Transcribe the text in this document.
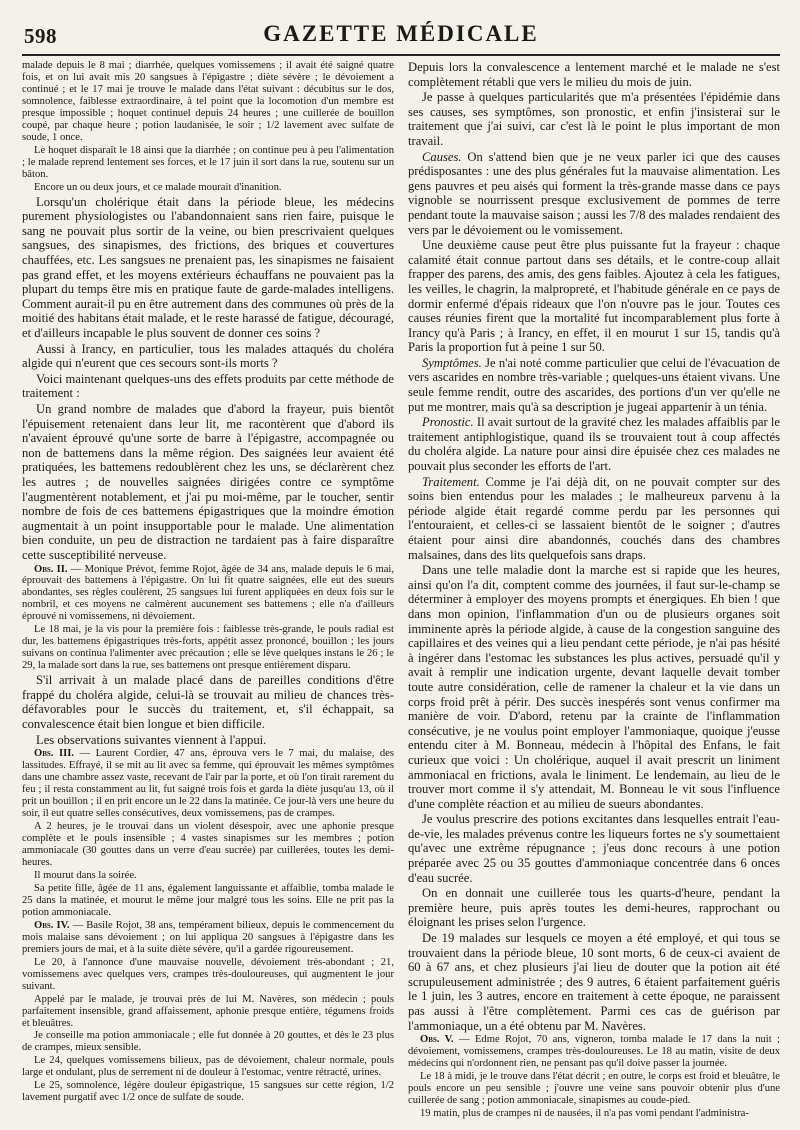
598	GAZETTE MÉDICALE

malade depuis le 8 mai ; diarrhée, quelques vomissemens ; il avait été saigné quatre fois, et on lui avait mis 20 sangsues à l'épigastre ; diète sévère ; le dévoiement a continué ; et le 17 mai je trouve le malade dans l'état suivant : décubitus sur le dos, somnolence, faiblesse extraordinaire, à tel point que la locomotion d'un membre est presque impossible ; hoquet continuel depuis 24 heures ; une cuillerée de bouillon coupé, par chaque heure ; potion laudanisée, le soir ; 1/2 lavement avec sulfate de soude, 1 once.

Le hoquet disparaît le 18 ainsi que la diarrhée ; on continue peu à peu l'alimentation ; le malade reprend lentement ses forces, et le 17 juin il sort dans la rue, soutenu sur un bâton.

Encore un ou deux jours, et ce malade mourait d'inanition.

Lorsqu'un cholérique était dans la période bleue, les médecins purement physiologistes ou l'abandonnaient sans rien faire, puisque le sang ne pouvait plus sortir de la veine, ou bien prescrivaient quelques sangsues, des sinapismes, des frictions, des briques et couvertures chauffées, etc. Les sangsues ne prenaient pas, les sinapismes ne faisaient pas grand effet, et les moyens extérieurs échauffans ne pouvaient pas la plupart du temps être mis en pratique faute de garde-malades intelligens. Comment aurait-il pu en être autrement dans des communes où près de la moitié des habitans était malade, et le reste harassé de fatigue, découragé, et d'ailleurs incapable le plus souvent de donner ces soins ?

Aussi à Irancy, en particulier, tous les malades attaqués du choléra algide qui n'eurent que ces secours sont-ils morts ?

Voici maintenant quelques-uns des effets produits par cette méthode de traitement :

Un grand nombre de malades que d'abord la frayeur, puis bientôt l'épuisement retenaient dans leur lit, me racontèrent que d'abord ils n'avaient éprouvé qu'une sorte de barre à l'épigastre, accompagnée ou non de battemens dans la même région. Des saignées leur avaient été pratiquées, les battemens redoublèrent chez les uns, se déclarèrent chez les autres ; de nouvelles saignées dirigées contre ce symptôme l'augmentèrent notablement, et j'ai pu moi-même, par le toucher, sentir nombre de fois de ces battemens épigastriques que la moindre émotion augmentait à un point insupportable pour le malade. Une alimentation bien conduite, un peu de distraction ne tardaient pas à faire disparaître cette susceptibilité nerveuse.

Obs. II. — Monique Prévot, femme Rojot, âgée de 34 ans, malade depuis le 6 mai, éprouvait des battemens à l'épigastre. On lui fit quatre saignées, elle eut des sueurs abondantes, ses règles coulèrent, 25 sangsues lui furent appliquées en deux fois sur le nombril, et ces moyens ne calmèrent aucunement ses battemens ; elle n'a d'ailleurs éprouvé ni vomissemens, ni dévoiement.

Le 18 mai, je la vis pour la première fois : faiblesse très-grande, le pouls radial est dur, les battemens épigastriques très-forts, appétit assez prononcé, bouillon ; les jours suivans on continua l'alimenter avec précaution ; elle se lève quelques instans le 26 ; le 29, la malade sort dans la rue, ses battemens ont presque entièrement disparu.

S'il arrivait à un malade placé dans de pareilles conditions d'être frappé du choléra algide, celui-là se trouvait au milieu de chances très-défavorables pour le succès du traitement, et, s'il échappait, sa convalescence était bien longue et bien difficile.

Les observations suivantes viennent à l'appui.

Obs. III. — Laurent Cordier, 47 ans, éprouva vers le 7 mai, du malaise, des lassitudes. Effrayé, il se mit au lit avec sa femme, qui éprouvait les mêmes symptômes dans une chambre assez vaste, recevant de l'air par la porte, et où l'on tirait rarement du feu ; il resta constamment au lit, fut saigné trois fois et garda la diète jusqu'au 13, où il prit un bouillon ; il en prit encore un le 22 dans la matinée. Ce jour-là vers une heure du soir, il eut quatre selles consécutives, deux vomissemens, pas de crampes.

A 2 heures, je le trouvai dans un violent désespoir, avec une aphonie presque complète et le pouls insensible ; 4 vastes sinapismes sur les membres ; potion ammoniacale (30 gouttes dans un verre d'eau sucrée) par cuillerées, toutes les demi-heures.

Il mourut dans la soirée.

Sa petite fille, âgée de 11 ans, également languissante et affaiblie, tomba malade le 25 dans la matinée, et mourut le même jour malgré tous les soins. Elle ne prit pas la potion ammoniacale.

Obs. IV. — Basile Rojot, 38 ans, tempérament bilieux, depuis le commencement du mois malaise sans dévoiement ; on lui appliqua 20 sangsues à l'épigastre dans les premiers jours de mai, et à la suite diète sévère, qu'il a gardée rigoureusement.

Le 20, à l'annonce d'une mauvaise nouvelle, dévoiement très-abondant ; 21, vomissemens avec quelques vers, crampes très-douloureuses, qui augmentent le jour suivant.

Appelé par le malade, je trouvai près de lui M. Navères, son médecin ; pouls parfaitement insensible, grand affaissement, aphonie presque entière, tégumens froids et bleuâtres.

Je conseille ma potion ammoniacale ; elle fut donnée à 20 gouttes, et dès le 23 plus de crampes, mieux sensible.

Le 24, quelques vomissemens bilieux, pas de dévoiement, chaleur normale, pouls large et ondulant, plus de serrement ni de douleur à l'estomac, ventre rétracté, urines.

Le 25, somnolence, légère douleur épigastrique, 15 sangsues sur cette région, 1/2 lavement purgatif avec 1/2 once de sulfate de soude.

Depuis lors la convalescence a lentement marché et le malade ne s'est complètement rétabli que vers le milieu du mois de juin.

Je passe à quelques particularités que m'a présentées l'épidémie dans ses causes, ses symptômes, son pronostic, et enfin j'insisterai sur le traitement que j'ai suivi, car c'est là le point le plus important de mon travail.

Causes. On s'attend bien que je ne veux parler ici que des causes prédisposantes : une des plus générales fut la mauvaise alimentation. Les gens pauvres et peu aisés qui forment la très-grande masse dans ce pays vignoble se nourrissent presque exclusivement de pommes de terre pendant toute la mauvaise saison ; aussi les 7/8 des malades rendaient des vers par le dévoiement ou le vomissement.

Une deuxième cause peut être plus puissante fut la frayeur : chaque calamité était connue partout dans ses détails, et le contre-coup allait frapper des parens, des amis, des gens faibles. Ajoutez à cela les fatigues, les veilles, le chagrin, la malpropreté, et l'habitude générale en ce pays de dormir enfermé d'épais rideaux que l'on n'ouvre pas le jour. Toutes ces causes réunies firent que la mortalité fut incomparablement plus forte à Irancy qu'à Paris ; à Irancy, en effet, il en mourut 1 sur 15, tandis qu'à Paris la proportion fut à peine 1 sur 50.

Symptômes. Je n'ai noté comme particulier que celui de l'évacuation de vers ascarides en nombre très-variable ; quelques-uns étaient vivans. Une seule femme rendit, outre des ascarides, des portions d'un ver qu'elle ne put me montrer, mais qu'à sa description je jugeai appartenir à un ténia.

Pronostic. Il avait surtout de la gravité chez les malades affaiblis par le traitement antiphlogistique, quand ils se trouvaient tout à coup affectés du choléra algide. La nature pour ainsi dire épuisée chez ces malades ne pouvait plus seconder les efforts de l'art.

Traitement. Comme je l'ai déjà dit, on ne pouvait compter sur des soins bien entendus pour les malades ; le malheureux parvenu à la période algide était regardé comme perdu par les personnes qui l'entouraient, et celles-ci se lassaient bientôt de le soigner ; d'autres étaient pour ainsi dire abandonnés, couchés dans des chambres malsaines, dans des lits quelquefois sans draps.

Dans une telle maladie dont la marche est si rapide que les heures, ainsi qu'on l'a dit, comptent comme des journées, il faut sur-le-champ se déterminer à employer des moyens prompts et énergiques. Eh bien ! que dans mon opinion, l'inflammation d'un ou de plusieurs organes soit imminente après la période algide, à cause de la congestion sanguine des capillaires et des veines qui a lieu pendant cette période, je n'ai pas hésité à ingérer dans l'estomac les substances les plus actives, persuadé qu'il y avait à remplir une indication urgente, devant laquelle devait tomber toute autre considération, celle de ramener la chaleur et la vie dans un corps froid prêt à périr. Des succès inespérés sont venus confirmer ma manière de voir. D'abord, retenu par la crainte de l'inflammation consécutive, je ne voulus point employer l'ammoniaque, quoique j'eusse entendu citer à M. Bonneau, médecin à l'hôpital des Enfans, le fait curieux que voici : Un cholérique, auquel il avait prescrit un liniment ammoniacal en frictions, avala le liniment. Le lendemain, au lieu de le trouver mort comme il s'y attendait, M. Bonneau le vit sous l'influence d'une complète réaction et au milieu de sueurs abondantes.

Je voulus prescrire des potions excitantes dans lesquelles entrait l'eau-de-vie, les malades prévenus contre les liqueurs fortes ne s'y soumettaient qu'avec une extrême répugnance ; j'eus donc recours à une potion préparée avec 25 ou 35 gouttes d'ammoniaque concentrée dans 6 onces d'eau sucrée.

On en donnait une cuillerée tous les quarts-d'heure, pendant la première heure, puis après toutes les demi-heures, rapprochant ou éloignant les prises selon l'urgence.

De 19 malades sur lesquels ce moyen a été employé, et qui tous se trouvaient dans la période bleue, 10 sont morts, 6 de ceux-ci avaient de 60 à 67 ans, et chez plusieurs j'ai lieu de douter que la potion ait été scrupuleusement administrée ; des 9 autres, 6 étaient parfaitement guéris le 1 juin, les 3 autres, encore en traitement à cette époque, ne paraissent pas aussi à l'être complètement. Parmi ces cas de guérison par l'ammoniaque, un a été obtenu par M. Navères.

Obs. V. — Edme Rojot, 70 ans, vigneron, tomba malade le 17 dans la nuit ; dévoiement, vomissemens, crampes très-douloureuses. Le 18 au matin, visite de deux médecins qui n'ordonnent rien, ne pensant pas qu'il doive passer la journée.

Le 18 à midi, je le trouve dans l'état décrit ; en outre, le corps est froid et bleuâtre, le pouls encore un peu sensible ; j'ouvre une veine sans pouvoir obtenir plus d'une cuillerée de sang ; potion ammoniacale, sinapismes au coude-pied.

19 matin, plus de crampes ni de nausées, il n'a pas vomi pendant l'administra-
